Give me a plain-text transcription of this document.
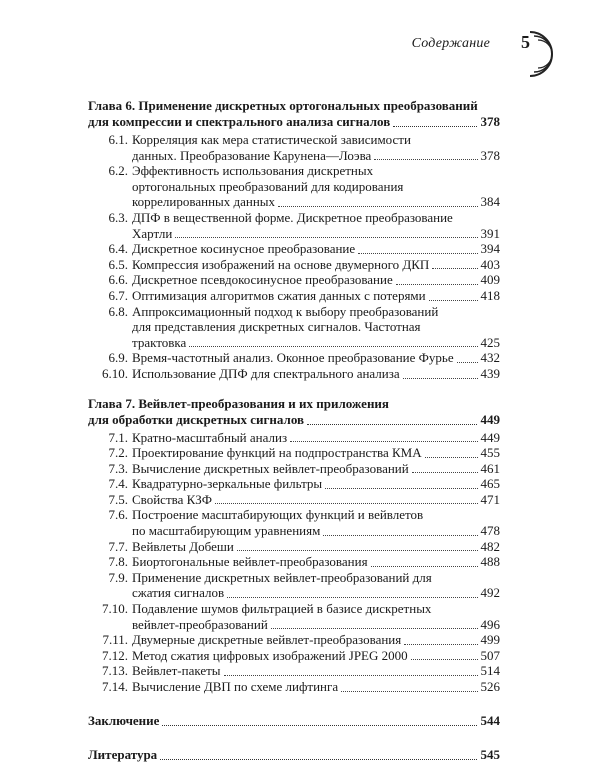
Содержание 5
Глава 6. Применение дискретных ортогональных преобразований
для компрессии и спектрального анализа сигналов	378
6.1. Корреляция как мера статистической зависимости
данных. Преобразование Карунена—Лоэва	378
6.2. Эффективность использования дискретных
ортогональных преобразований для кодирования
коррелированных данных	384
6.3. ДПФ в вещественной форме. Дискретное преобразование
Хартли	391
6.4. Дискретное косинусное преобразование	394
6.5. Компрессия изображений на основе двумерного ДКП	403
6.6. Дискретное псевдокосинусное преобразование	409
6.7. Оптимизация алгоритмов сжатия данных с потерями	418
6.8. Аппроксимационный подход к выбору преобразований
для представления дискретных сигналов. Частотная
трактовка	425
6.9. Время-частотный анализ. Оконное преобразование Фурье 432
6.10. Использование ДПФ для спектрального анализа	439
Глава 7. Вейвлет-преобразования и их приложения
для обработки дискретных сигналов	449
7.1. Кратно-масштабный анализ	449
7.2. Проектирование функций на подпространства КМА	455
7.3. Вычисление дискретных вейвлет-преобразований	461
7.4. Квадратурно-зеркальные фильтры	465
7.5. Свойства КЗФ	471
7.6. Построение масштабирующих функций и вейвлетов
по масштабирующим уравнениям	478
7.7. Вейвлеты Добеши	482
7.8. Биортогональные вейвлет-преобразования	488
7.9. Применение дискретных вейвлет-преобразований для
сжатия сигналов	492
7.10. Подавление шумов фильтрацией в базисе дискретных
вейвлет-преобразований	496
7.11. Двумерные дискретные вейвлет-преобразования	499
7.12. Метод сжатия цифровых изображений JPEG 2000	507
7.13. Вейвлет-пакеты	514
7.14. Вычисление ДВП по схеме лифтинга	526
Заключение	544
Литература	545
